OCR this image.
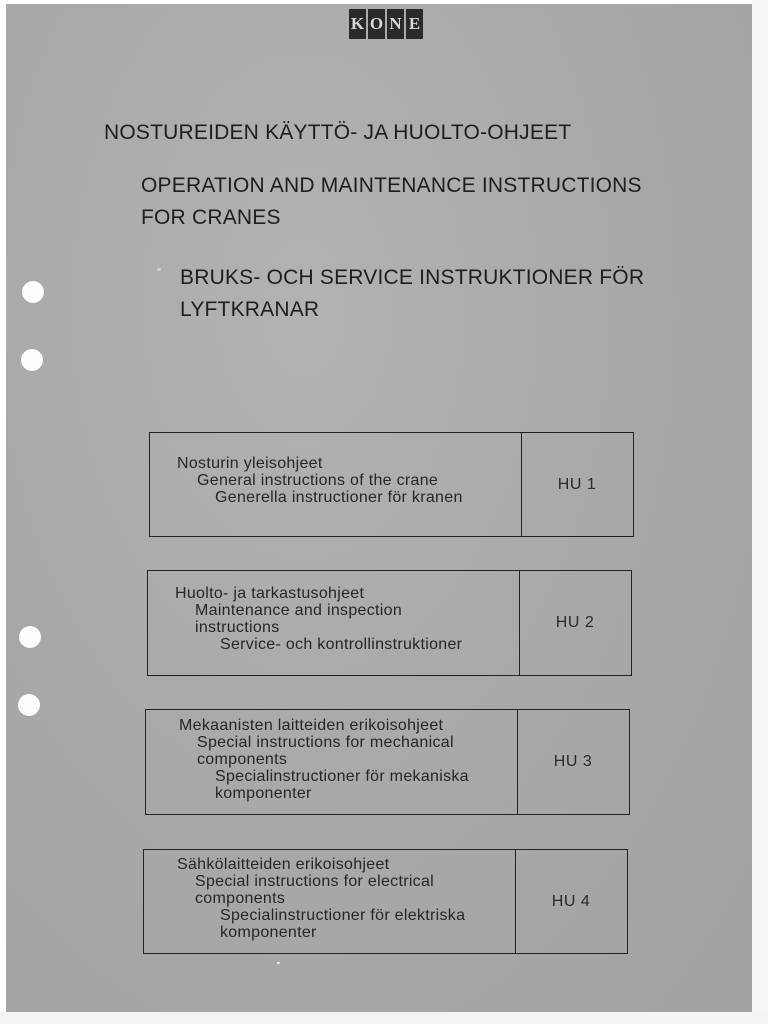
K O N E
NOSTUREIDEN KÄYTTÖ- JA HUOLTO-OHJEET
OPERATION AND MAINTENANCE INSTRUCTIONS
FOR CRANES
BRUKS- OCH SERVICE INSTRUKTIONER FÖR
LYFTKRANAR
Nosturin yleisohjeet
General instructions of the crane
Generella instructioner för kranen
HU 1
Huolto- ja tarkastusohjeet
Maintenance and inspection
instructions
Service- och kontrollinstruktioner
HU 2
Mekaanisten laitteiden erikoisohjeet
Special instructions for mechanical
components
Specialinstructioner för mekaniska
komponenter
HU 3
Sähkölaitteiden erikoisohjeet
Special instructions for electrical
components
Specialinstructioner för elektriska
komponenter
HU 4
